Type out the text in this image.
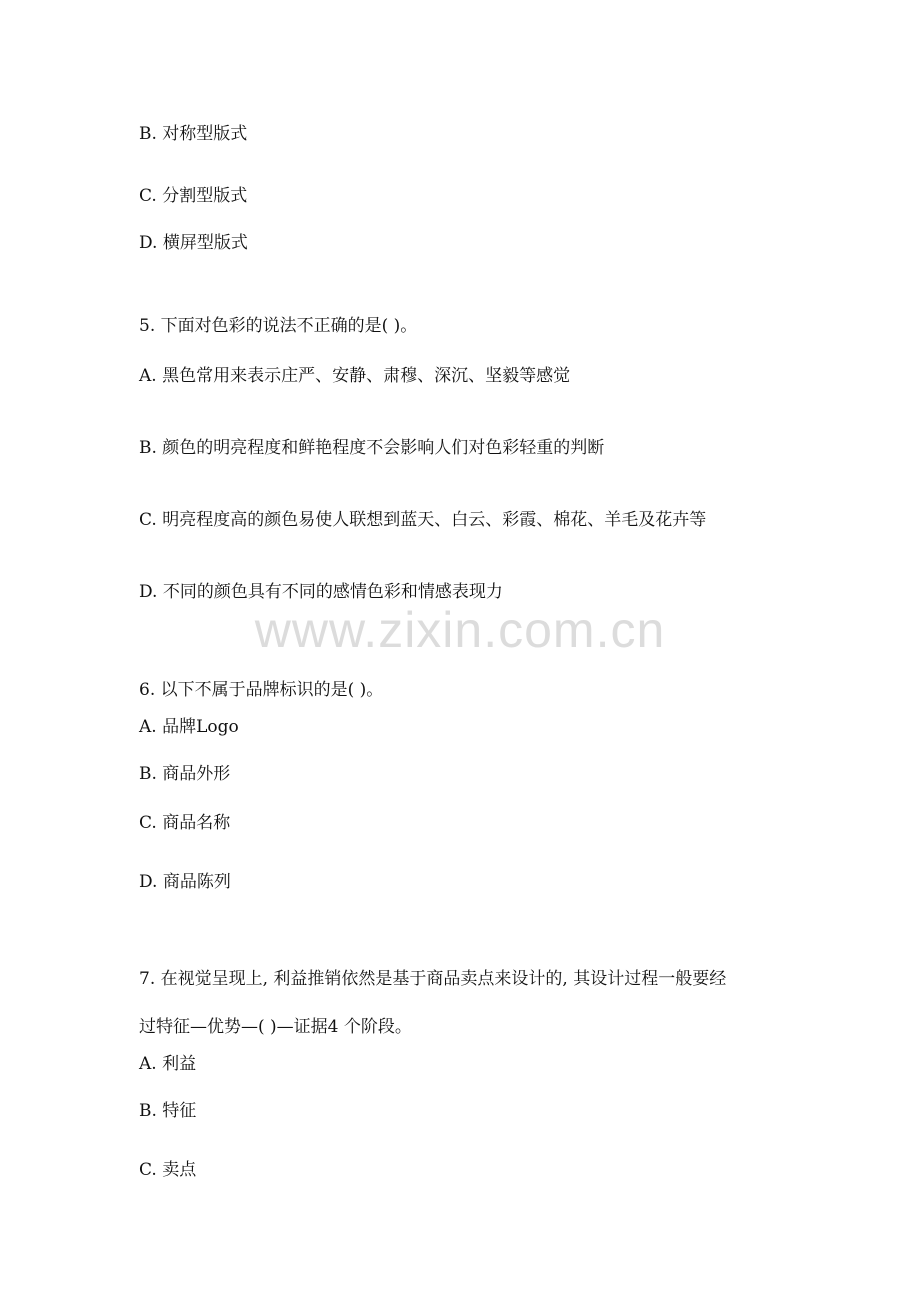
B. 对称型版式
C. 分割型版式
D. 横屏型版式
5. 下面对色彩的说法不正确的是( )。
A. 黑色常用来表示庄严、安静、肃穆、深沉、坚毅等感觉
B. 颜色的明亮程度和鲜艳程度不会影响人们对色彩轻重的判断
C. 明亮程度高的颜色易使人联想到蓝天、白云、彩霞、棉花、羊毛及花卉等
D. 不同的颜色具有不同的感情色彩和情感表现力
www.zixin.com.cn
6. 以下不属于品牌标识的是( )。
A. 品牌Logo
B. 商品外形
C. 商品名称
D. 商品陈列
7. 在视觉呈现上, 利益推销依然是基于商品卖点来设计的, 其设计过程一般要经
过特征—优势—( )—证据4 个阶段。
A. 利益
B. 特征
C. 卖点
